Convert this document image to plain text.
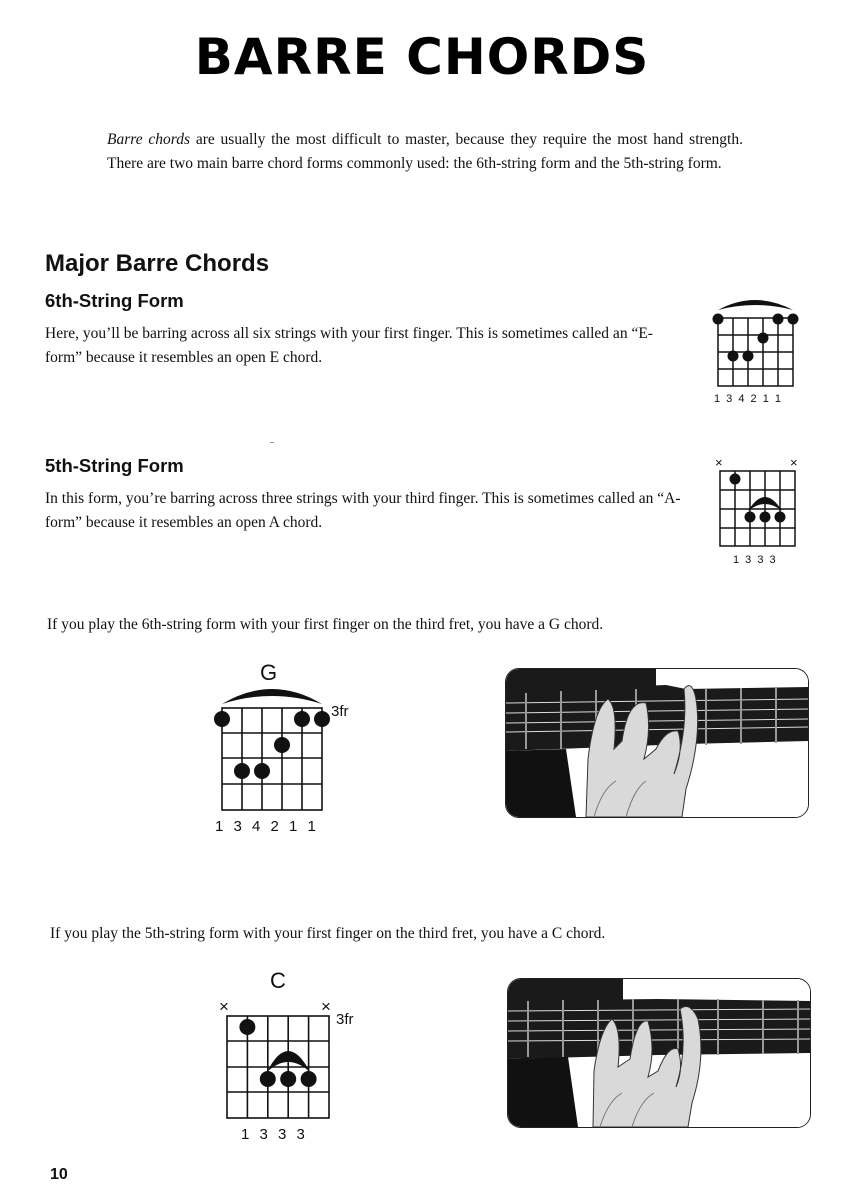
BARRE CHORDS

Barre chords are usually the most difficult to master, because they require the most hand strength. There are two main barre chord forms commonly used: the 6th-string form and the 5th-string form.

Major Barre Chords
6th-String Form

Here, you’ll be barring across all six strings with your first finger. This is sometimes called an “E-form” because it resembles an open E chord.

1 3 4 2 1 1
5th-String Form

In this form, you’re barring across three strings with your third finger. This is sometimes called an “A-form” because it resembles an open A chord.

×	×
1 3 3 3

If you play the 6th-string form with your first finger on the third fret, you have a G chord.

G
3fr
1 3 4 2 1 1

If you play the 5th-string form with your first finger on the third fret, you have a C chord.

C
×	×
3fr
1 3 3 3
10
